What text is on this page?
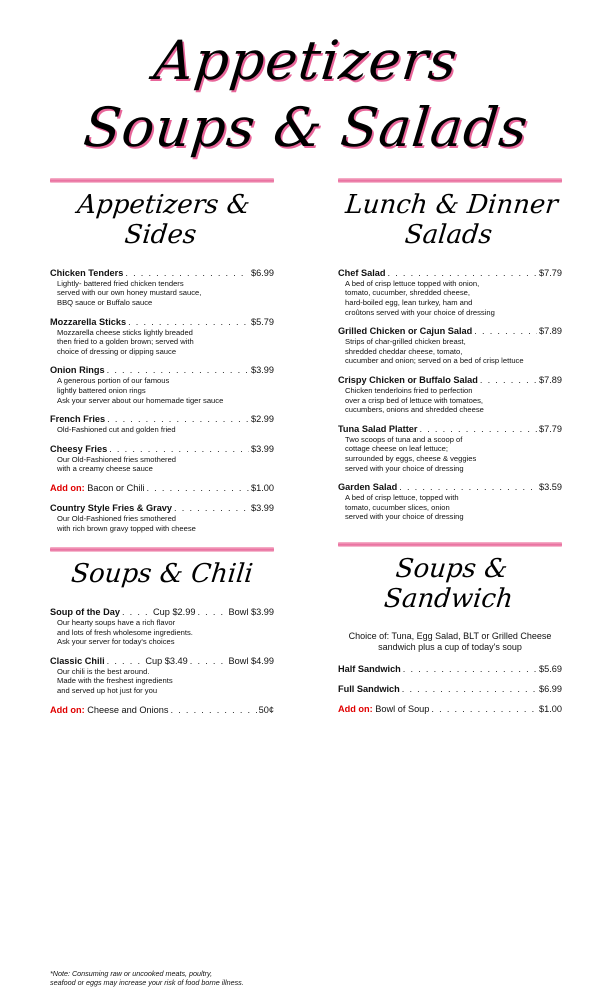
Appetizers
Soups & Salads
Appetizers & Sides
Chicken Tenders . . .	$6.99
Lightly- battered fried chicken tenders
served with our own honey mustard sauce,
BBQ sauce or Buffalo sauce
Mozzarella Sticks . . .	$5.79
Mozzarella cheese sticks lightly breaded
then fried to a golden brown; served with
choice of dressing or dipping sauce
Onion Rings . . .	$3.99
A generous portion of our famous
lightly battered onion rings
Ask your server about our homemade tiger sauce
French Fries . . .	$2.99
Old-Fashioned cut and golden fried
Cheesy Fries . . .	$3.99
Our Old-Fashioned fries smothered
with a creamy cheese sauce
Add on: Bacon or Chili . . .	$1.00
Country Style Fries & Gravy . . .	$3.99
Our Old-Fashioned fries smothered
with rich brown gravy topped with cheese
Soups & Chili
Soup of the Day . . .	Cup $2.99 . . .	Bowl $3.99
Our hearty soups have a rich flavor
and lots of fresh wholesome ingredients.
Ask your server for today's choices
Classic Chili . . .	Cup $3.49 . . .	Bowl $4.99
Our chili is the best around.
Made with the freshest ingredients
and served up hot just for you
Add on: Cheese and Onions . . .	50¢
Lunch & Dinner
Salads
Chef Salad . . .	$7.79
A bed of crisp lettuce topped with onion,
tomato, cucumber, shredded cheese,
hard-boiled egg, lean turkey, ham and
croûtons served with your choice of dressing
Grilled Chicken or Cajun Salad . . .	$7.89
Strips of char-grilled chicken breast,
shredded cheddar cheese, tomato,
cucumber and onion; served on a bed of crisp lettuce
Crispy Chicken or Buffalo Salad . . .	$7.89
Chicken tenderloins fried to perfection
over a crisp bed of lettuce with tomatoes,
cucumbers, onions and shredded cheese
Tuna Salad Platter . . .	$7.79
Two scoops of tuna and a scoop of
cottage cheese on leaf lettuce;
surrounded by eggs, cheese & veggies
served with your choice of dressing
Garden Salad . . .	$3.59
A bed of crisp lettuce, topped with
tomato, cucumber slices, onion
served with your choice of dressing
Soups & Sandwich
Choice of: Tuna, Egg Salad, BLT or Grilled Cheese
sandwich plus a cup of today's soup
Half Sandwich . . .	$5.69
Full Sandwich . . .	$6.99
Add on: Bowl of Soup . . .	$1.00
*Note: Consuming raw or uncooked meats, poultry,
seafood or eggs may increase your risk of food borne illness.
